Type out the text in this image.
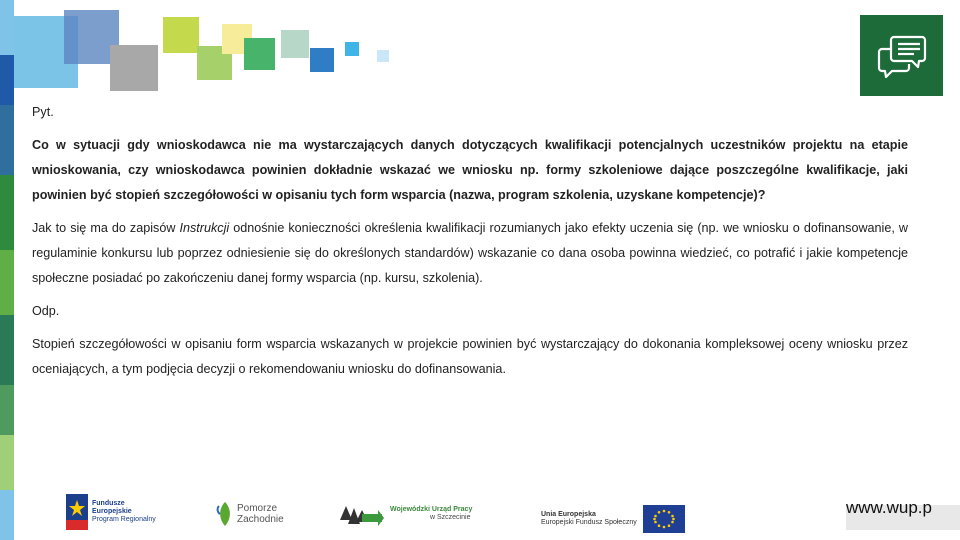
Pyt.

Co w sytuacji gdy wnioskodawca nie ma wystarczających danych dotyczących kwalifikacji potencjalnych uczestników projektu na etapie wnioskowania, czy wnioskodawca powinien dokładnie wskazać we wniosku np. formy szkoleniowe dające poszczególne kwalifikacje, jaki powinien być stopień szczegółowości w opisaniu tych form wsparcia (nazwa, program szkolenia, uzyskane kompetencje)?

Jak to się ma do zapisów Instrukcji odnośnie konieczności określenia kwalifikacji rozumianych jako efekty uczenia się (np. we wniosku o dofinansowanie, w regulaminie konkursu lub poprzez odniesienie się do określonych standardów) wskazanie co dana osoba powinna wiedzieć, co potrafić i jakie kompetencje społeczne posiadać po zakończeniu danej formy wsparcia (np. kursu, szkolenia).

Odp.

Stopień szczegółowości w opisaniu form wsparcia wskazanych w projekcie powinien być wystarczający do dokonania kompleksowej oceny wniosku przez oceniających, a tym podjęcia decyzji o rekomendowaniu wniosku do dofinansowania.

Fundusze
Europejskie
Program Regionalny
Pomorze
Zachodnie
Wojewódzki Urząd Pracy
w Szczecinie	Unia Europejska
Europejski Fundusz Społeczny
www.wup.p
